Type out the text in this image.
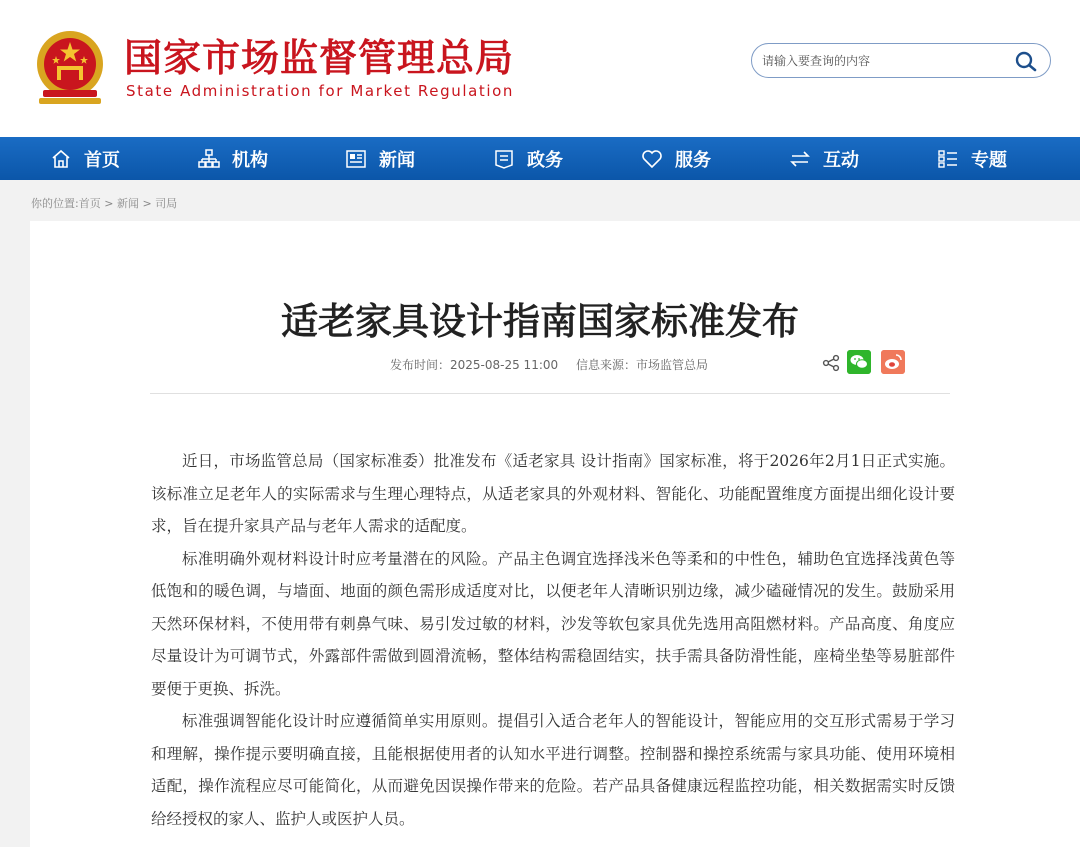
国家市场监督管理总局
State Administration for Market Regulation
请输入要查询的内容
首页	机构	新闻	政务	服务	互动	专题
你的位置:首页 > 新闻 > 司局
适老家具设计指南国家标准发布
发布时间：2025-08-25 11:00 信息来源：市场监管总局

近日，市场监管总局（国家标准委）批准发布《适老家具 设计指南》国家标准，将于2026年2月1日正式实施。该标准立足老年人的实际需求与生理心理特点，从适老家具的外观材料、智能化、功能配置维度方面提出细化设计要求，旨在提升家具产品与老年人需求的适配度。

标准明确外观材料设计时应考量潜在的风险。产品主色调宜选择浅米色等柔和的中性色，辅助色宜选择浅黄色等低饱和的暖色调，与墙面、地面的颜色需形成适度对比，以便老年人清晰识别边缘，减少磕碰情况的发生。鼓励采用天然环保材料，不使用带有刺鼻气味、易引发过敏的材料，沙发等软包家具优先选用高阻燃材料。产品高度、角度应尽量设计为可调节式，外露部件需做到圆滑流畅，整体结构需稳固结实，扶手需具备防滑性能，座椅坐垫等易脏部件要便于更换、拆洗。

标准强调智能化设计时应遵循简单实用原则。提倡引入适合老年人的智能设计，智能应用的交互形式需易于学习和理解，操作提示要明确直接，且能根据使用者的认知水平进行调整。控制器和操控系统需与家具功能、使用环境相适配，操作流程应尽可能简化，从而避免因误操作带来的危险。若产品具备健康远程监控功能，相关数据需实时反馈给经授权的家人、监护人或医护人员。
